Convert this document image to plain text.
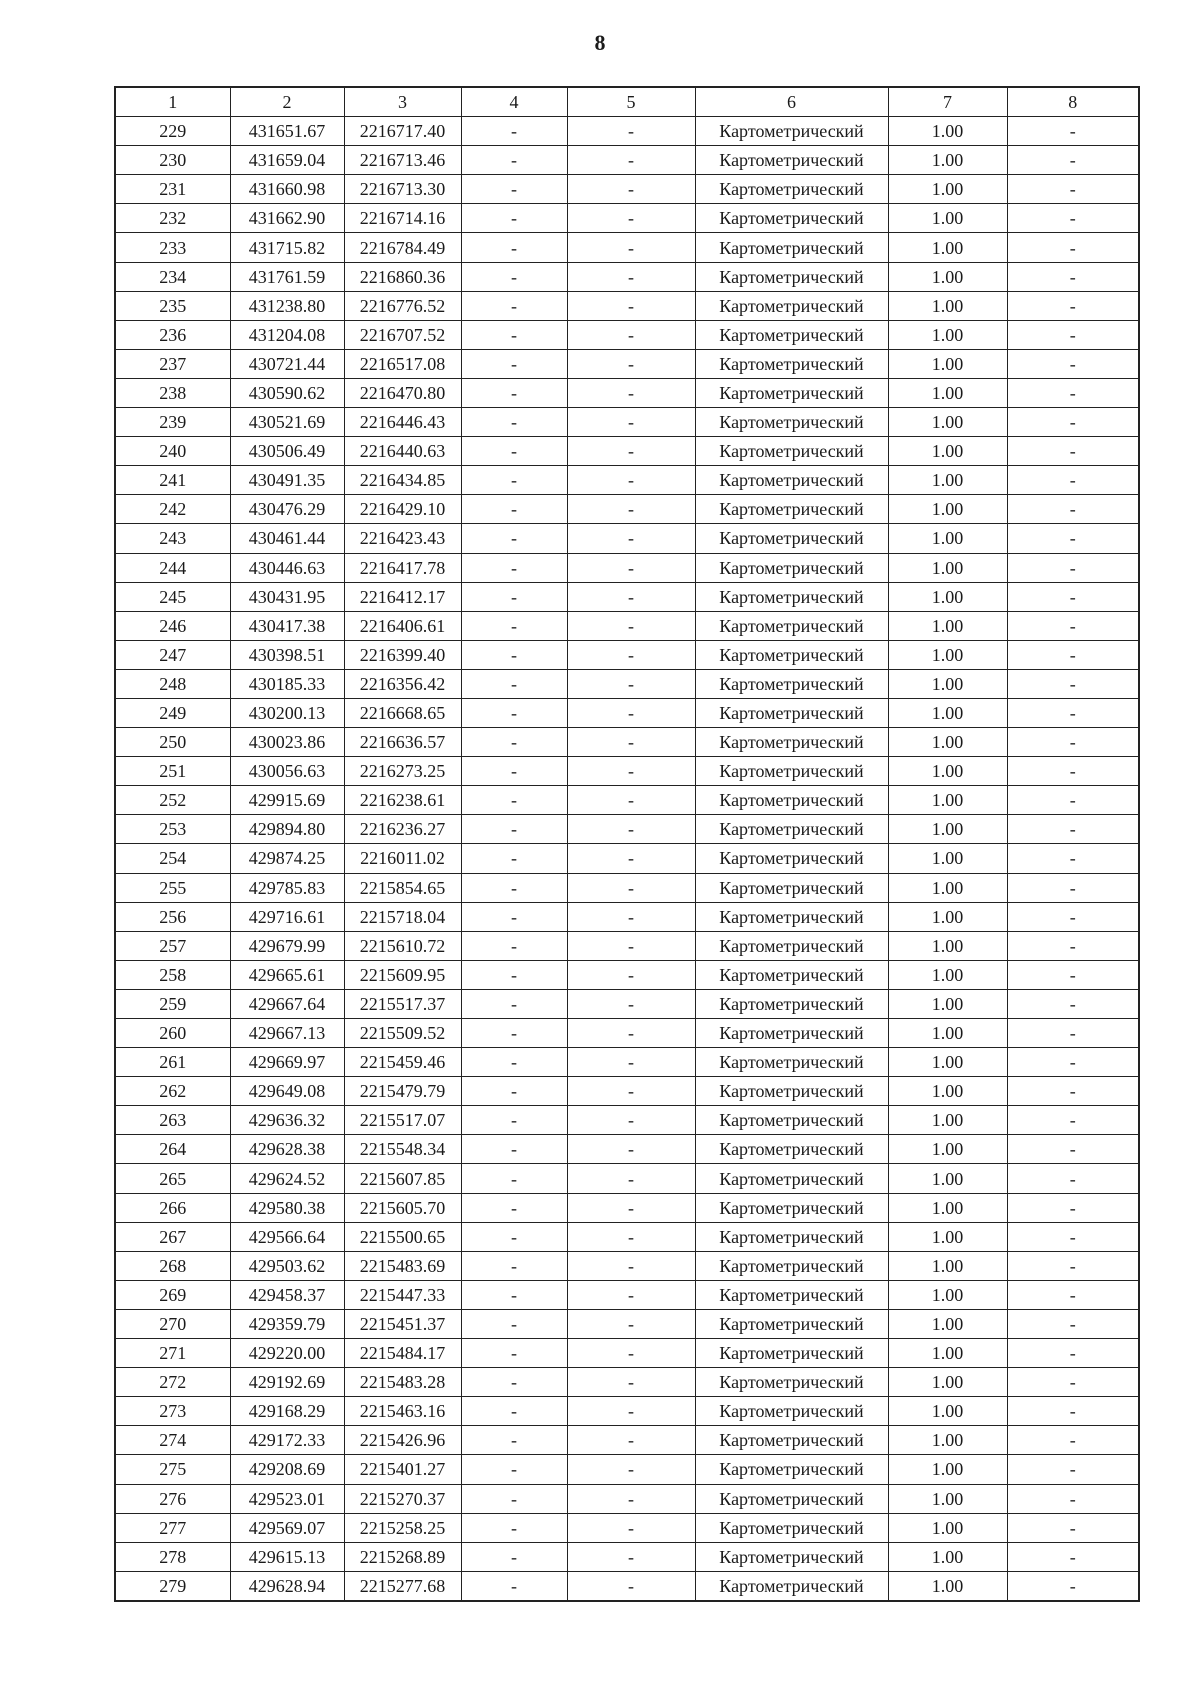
8
1	2	3	4	5	6	7	8
229	431651.67	2216717.40	-	-	Картометрический	1.00	-
230	431659.04	2216713.46	-	-	Картометрический	1.00	-
231	431660.98	2216713.30	-	-	Картометрический	1.00	-
232	431662.90	2216714.16	-	-	Картометрический	1.00	-
233	431715.82	2216784.49	-	-	Картометрический	1.00	-
234	431761.59	2216860.36	-	-	Картометрический	1.00	-
235	431238.80	2216776.52	-	-	Картометрический	1.00	-
236	431204.08	2216707.52	-	-	Картометрический	1.00	-
237	430721.44	2216517.08	-	-	Картометрический	1.00	-
238	430590.62	2216470.80	-	-	Картометрический	1.00	-
239	430521.69	2216446.43	-	-	Картометрический	1.00	-
240	430506.49	2216440.63	-	-	Картометрический	1.00	-
241	430491.35	2216434.85	-	-	Картометрический	1.00	-
242	430476.29	2216429.10	-	-	Картометрический	1.00	-
243	430461.44	2216423.43	-	-	Картометрический	1.00	-
244	430446.63	2216417.78	-	-	Картометрический	1.00	-
245	430431.95	2216412.17	-	-	Картометрический	1.00	-
246	430417.38	2216406.61	-	-	Картометрический	1.00	-
247	430398.51	2216399.40	-	-	Картометрический	1.00	-
248	430185.33	2216356.42	-	-	Картометрический	1.00	-
249	430200.13	2216668.65	-	-	Картометрический	1.00	-
250	430023.86	2216636.57	-	-	Картометрический	1.00	-
251	430056.63	2216273.25	-	-	Картометрический	1.00	-
252	429915.69	2216238.61	-	-	Картометрический	1.00	-
253	429894.80	2216236.27	-	-	Картометрический	1.00	-
254	429874.25	2216011.02	-	-	Картометрический	1.00	-
255	429785.83	2215854.65	-	-	Картометрический	1.00	-
256	429716.61	2215718.04	-	-	Картометрический	1.00	-
257	429679.99	2215610.72	-	-	Картометрический	1.00	-
258	429665.61	2215609.95	-	-	Картометрический	1.00	-
259	429667.64	2215517.37	-	-	Картометрический	1.00	-
260	429667.13	2215509.52	-	-	Картометрический	1.00	-
261	429669.97	2215459.46	-	-	Картометрический	1.00	-
262	429649.08	2215479.79	-	-	Картометрический	1.00	-
263	429636.32	2215517.07	-	-	Картометрический	1.00	-
264	429628.38	2215548.34	-	-	Картометрический	1.00	-
265	429624.52	2215607.85	-	-	Картометрический	1.00	-
266	429580.38	2215605.70	-	-	Картометрический	1.00	-
267	429566.64	2215500.65	-	-	Картометрический	1.00	-
268	429503.62	2215483.69	-	-	Картометрический	1.00	-
269	429458.37	2215447.33	-	-	Картометрический	1.00	-
270	429359.79	2215451.37	-	-	Картометрический	1.00	-
271	429220.00	2215484.17	-	-	Картометрический	1.00	-
272	429192.69	2215483.28	-	-	Картометрический	1.00	-
273	429168.29	2215463.16	-	-	Картометрический	1.00	-
274	429172.33	2215426.96	-	-	Картометрический	1.00	-
275	429208.69	2215401.27	-	-	Картометрический	1.00	-
276	429523.01	2215270.37	-	-	Картометрический	1.00	-
277	429569.07	2215258.25	-	-	Картометрический	1.00	-
278	429615.13	2215268.89	-	-	Картометрический	1.00	-
279	429628.94	2215277.68	-	-	Картометрический	1.00	-
